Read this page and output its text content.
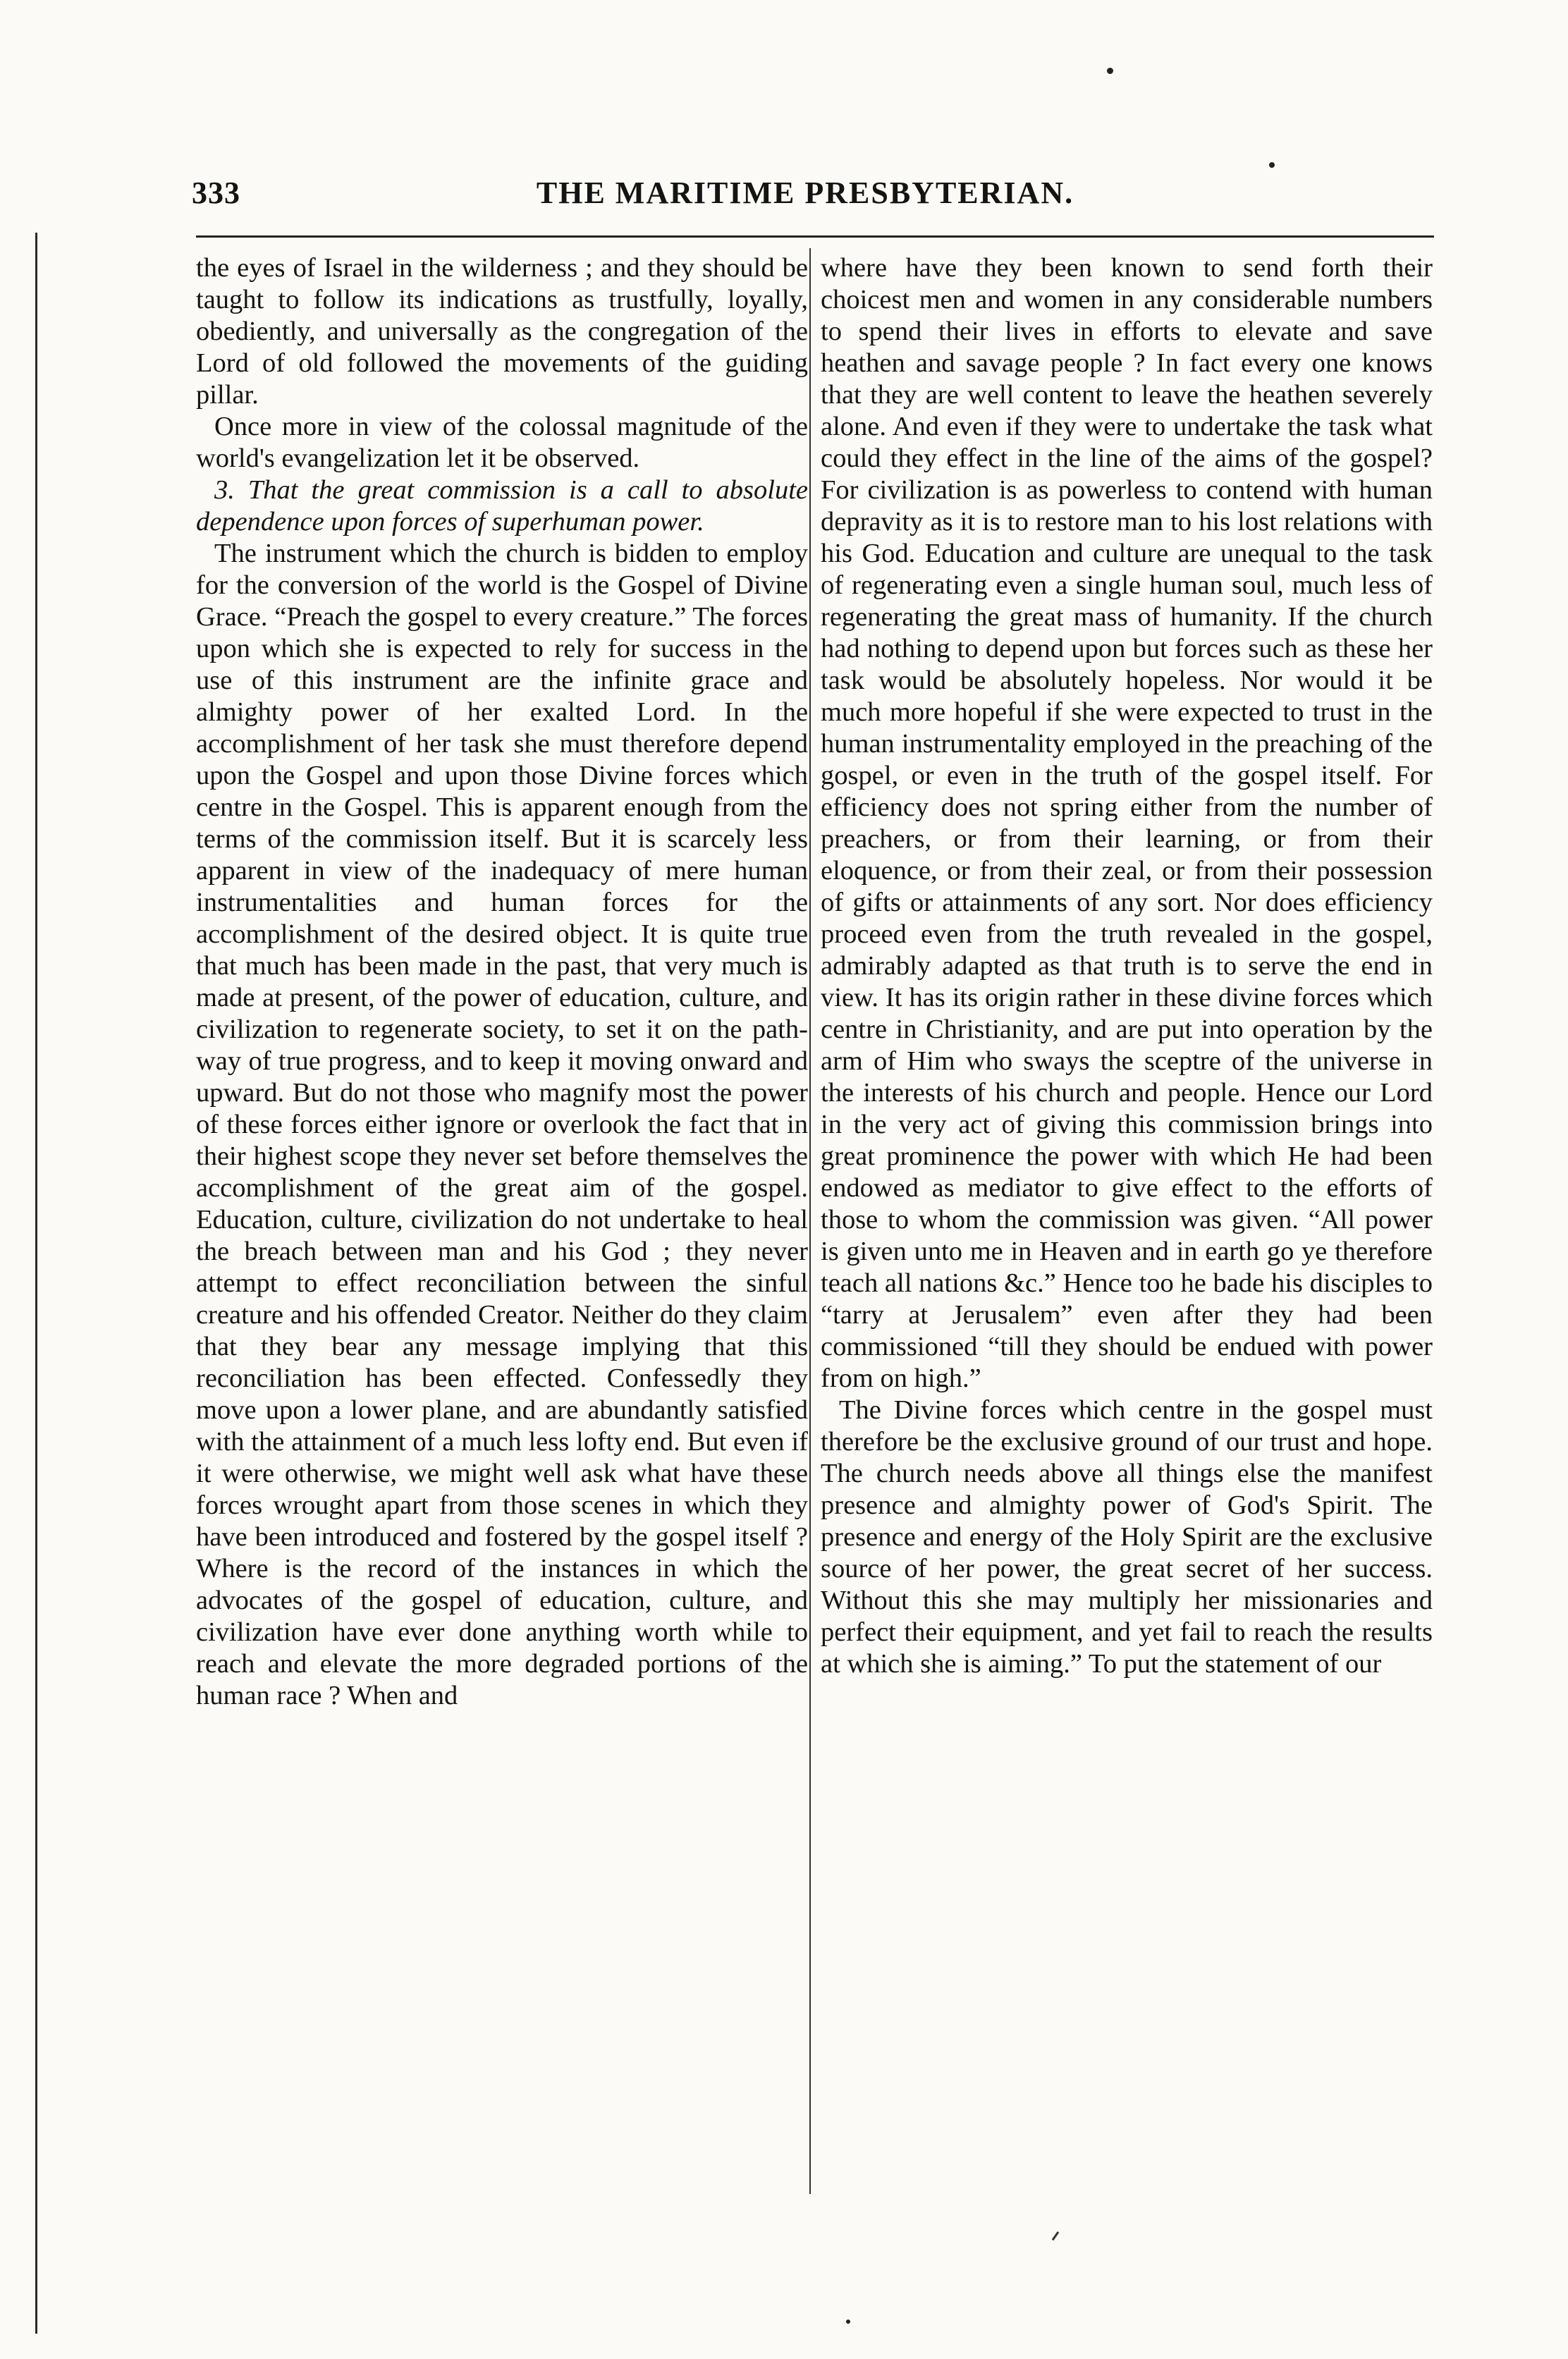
333	THE MARITIME PRESBYTERIAN.

the eyes of Israel in the wilderness ; and they should be taught to follow its indications as trustfully, loyally, obediently, and universally as the congregation of the Lord of old followed the movements of the guiding pillar.

Once more in view of the colossal magnitude of the world's evangelization let it be observed.

3. That the great commission is a call to absolute dependence upon forces of superhuman power.

The instrument which the church is bidden to employ for the conversion of the world is the Gospel of Divine Grace. “Preach the gospel to every creature.” The forces upon which she is expected to rely for success in the use of this instrument are the infinite grace and almighty power of her exalted Lord. In the accomplishment of her task she must therefore depend upon the Gospel and upon those Divine forces which centre in the Gospel. This is apparent enough from the terms of the commission itself. But it is scarcely less apparent in view of the inadequacy of mere human instrumentalities and human forces for the accomplishment of the desired object. It is quite true that much has been made in the past, that very much is made at present, of the power of education, culture, and civilization to regenerate society, to set it on the path-way of true progress, and to keep it moving onward and upward. But do not those who magnify most the power of these forces either ignore or overlook the fact that in their highest scope they never set before themselves the accomplishment of the great aim of the gospel. Education, culture, civilization do not undertake to heal the breach between man and his God ; they never attempt to effect reconciliation between the sinful creature and his offended Creator. Neither do they claim that they bear any message implying that this reconciliation has been effected. Confessedly they move upon a lower plane, and are abundantly satisfied with the attainment of a much less lofty end. But even if it were otherwise, we might well ask what have these forces wrought apart from those scenes in which they have been introduced and fostered by the gospel itself ? Where is the record of the instances in which the advocates of the gospel of education, culture, and civilization have ever done anything worth while to reach and elevate the more degraded portions of the human race ? When and

where have they been known to send forth their choicest men and women in any considerable numbers to spend their lives in efforts to elevate and save heathen and savage people ? In fact every one knows that they are well content to leave the heathen severely alone. And even if they were to undertake the task what could they effect in the line of the aims of the gospel? For civilization is as powerless to contend with human depravity as it is to restore man to his lost relations with his God. Education and culture are unequal to the task of regenerating even a single human soul, much less of regenerating the great mass of humanity. If the church had nothing to depend upon but forces such as these her task would be absolutely hopeless. Nor would it be much more hopeful if she were expected to trust in the human instrumentality employed in the preaching of the gospel, or even in the truth of the gospel itself. For efficiency does not spring either from the number of preachers, or from their learning, or from their eloquence, or from their zeal, or from their possession of gifts or attainments of any sort. Nor does efficiency proceed even from the truth revealed in the gospel, admirably adapted as that truth is to serve the end in view. It has its origin rather in these divine forces which centre in Christianity, and are put into operation by the arm of Him who sways the sceptre of the universe in the interests of his church and people. Hence our Lord in the very act of giving this commission brings into great prominence the power with which He had been endowed as mediator to give effect to the efforts of those to whom the commission was given. “All power is given unto me in Heaven and in earth go ye therefore teach all nations &c.” Hence too he bade his disciples to “tarry at Jerusalem” even after they had been commissioned “till they should be endued with power from on high.”

The Divine forces which centre in the gospel must therefore be the exclusive ground of our trust and hope. The church needs above all things else the manifest presence and almighty power of God's Spirit. The presence and energy of the Holy Spirit are the exclusive source of her power, the great secret of her success. Without this she may multiply her missionaries and perfect their equipment, and yet fail to reach the results at which she is aiming.” To put the statement of our
